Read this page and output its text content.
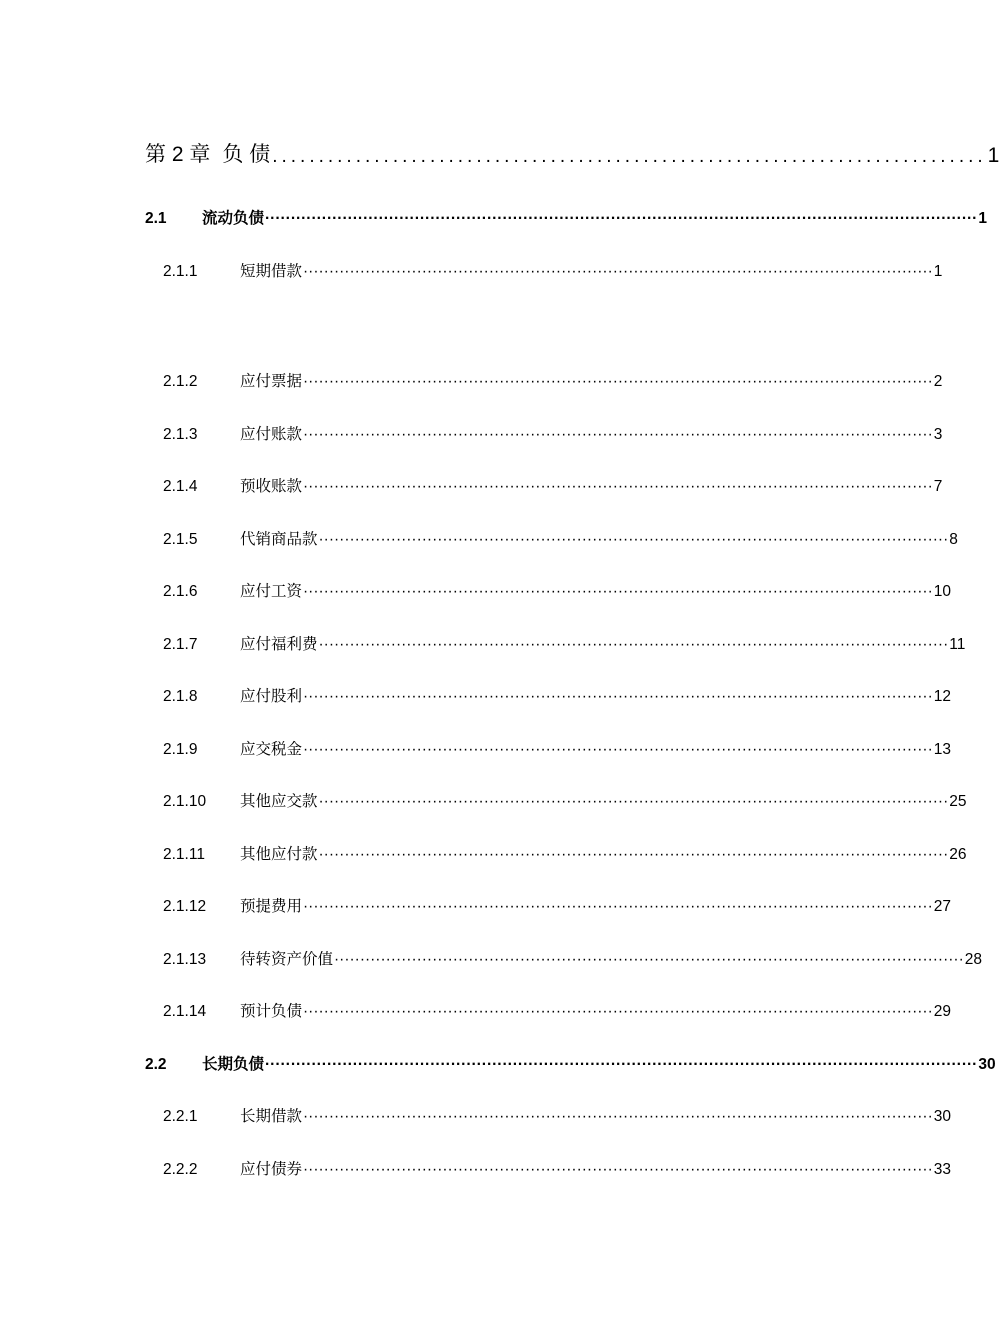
第 2 章 负 债 ............................................................................. 1
2.1	流动负债 ·········································································································································· 1
2.1.1	短期借款 ·························································································································· 1
2.1.2	应付票据 ·························································································································· 2
2.1.3	应付账款 ·························································································································· 3
2.1.4	预收账款 ·························································································································· 7
2.1.5	代销商品款 ·························································································································· 8
2.1.6	应付工资 ·························································································································· 10
2.1.7	应付福利费 ·························································································································· 11
2.1.8	应付股利 ·························································································································· 12
2.1.9	应交税金 ·························································································································· 13
2.1.10	其他应交款 ·························································································································· 25
2.1.11	其他应付款 ·························································································································· 26
2.1.12	预提费用 ·························································································································· 27
2.1.13	待转资产价值 ·························································································································· 28
2.1.14	预计负债 ·························································································································· 29
2.2	长期负债 ·········································································································································· 30
2.2.1	长期借款 ·························································································································· 30
2.2.2	应付债券 ·························································································································· 33
